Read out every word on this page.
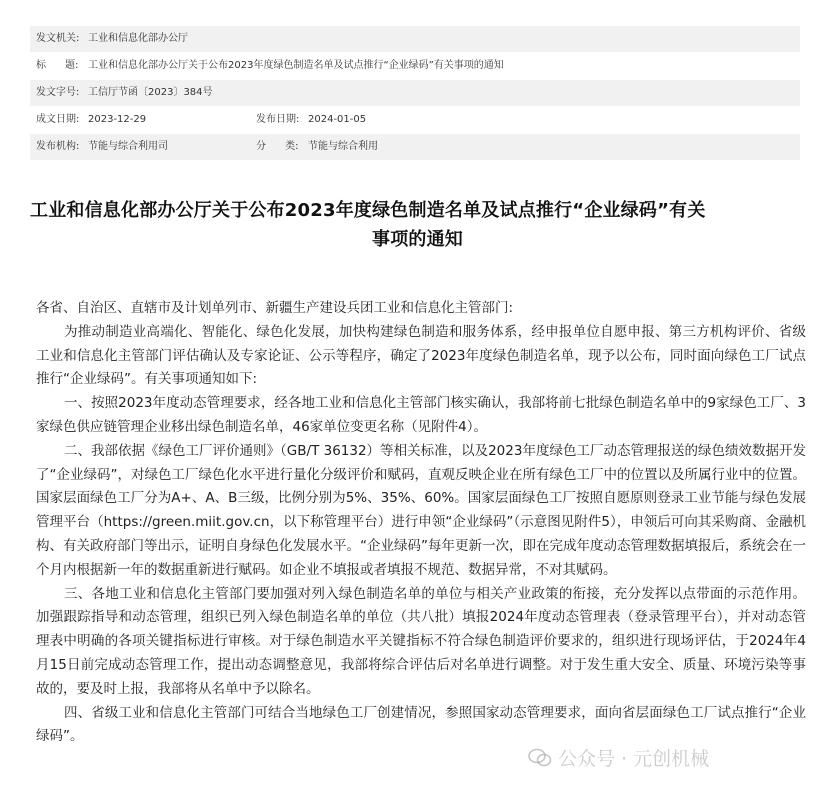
发文机关: 工业和信息化部办公厅
标      题: 工业和信息化部办公厅关于公布2023年度绿色制造名单及试点推行“企业绿码”有关事项的通知
发文字号: 工信厅节函〔2023〕384号
成文日期: 2023-12-29	发布日期: 2024-01-05
发布机构: 节能与综合利用司	分      类: 节能与综合利用
工业和信息化部办公厅关于公布2023年度绿色制造名单及试点推行“企业绿码”有关
事项的通知

各省、自治区、直辖市及计划单列市、新疆生产建设兵团工业和信息化主管部门:

为推动制造业高端化、智能化、绿色化发展，加快构建绿色制造和服务体系，经申报单位自愿申报、第三方机构评价、省级工业和信息化主管部门评估确认及专家论证、公示等程序，确定了2023年度绿色制造名单，现予以公布，同时面向绿色工厂试点推行“企业绿码”。有关事项通知如下:

一、按照2023年度动态管理要求，经各地工业和信息化主管部门核实确认，我部将前七批绿色制造名单中的9家绿色工厂、3家绿色供应链管理企业移出绿色制造名单，46家单位变更名称（见附件4）。

二、我部依据《绿色工厂评价通则》（GB/T 36132）等相关标准，以及2023年度绿色工厂动态管理报送的绿色绩效数据开发了“企业绿码”，对绿色工厂绿色化水平进行量化分级评价和赋码，直观反映企业在所有绿色工厂中的位置以及所属行业中的位置。国家层面绿色工厂分为A+、A、B三级，比例分别为5%、35%、60%。国家层面绿色工厂按照自愿原则登录工业节能与绿色发展管理平台（https://green.miit.gov.cn，以下称管理平台）进行申领“企业绿码”（示意图见附件5），申领后可向其采购商、金融机构、有关政府部门等出示，证明自身绿色化发展水平。“企业绿码”每年更新一次，即在完成年度动态管理数据填报后，系统会在一个月内根据新一年的数据重新进行赋码。如企业不填报或者填报不规范、数据异常，不对其赋码。

三、各地工业和信息化主管部门要加强对列入绿色制造名单的单位与相关产业政策的衔接，充分发挥以点带面的示范作用。加强跟踪指导和动态管理，组织已列入绿色制造名单的单位（共八批）填报2024年度动态管理表（登录管理平台），并对动态管理表中明确的各项关键指标进行审核。对于绿色制造水平关键指标不符合绿色制造评价要求的，组织进行现场评估，于2024年4月15日前完成动态管理工作，提出动态调整意见，我部将综合评估后对名单进行调整。对于发生重大安全、质量、环境污染等事故的，要及时上报，我部将从名单中予以除名。

四、省级工业和信息化主管部门可结合当地绿色工厂创建情况，参照国家动态管理要求，面向省层面绿色工厂试点推行“企业绿码”。

公众号 · 元创机械
